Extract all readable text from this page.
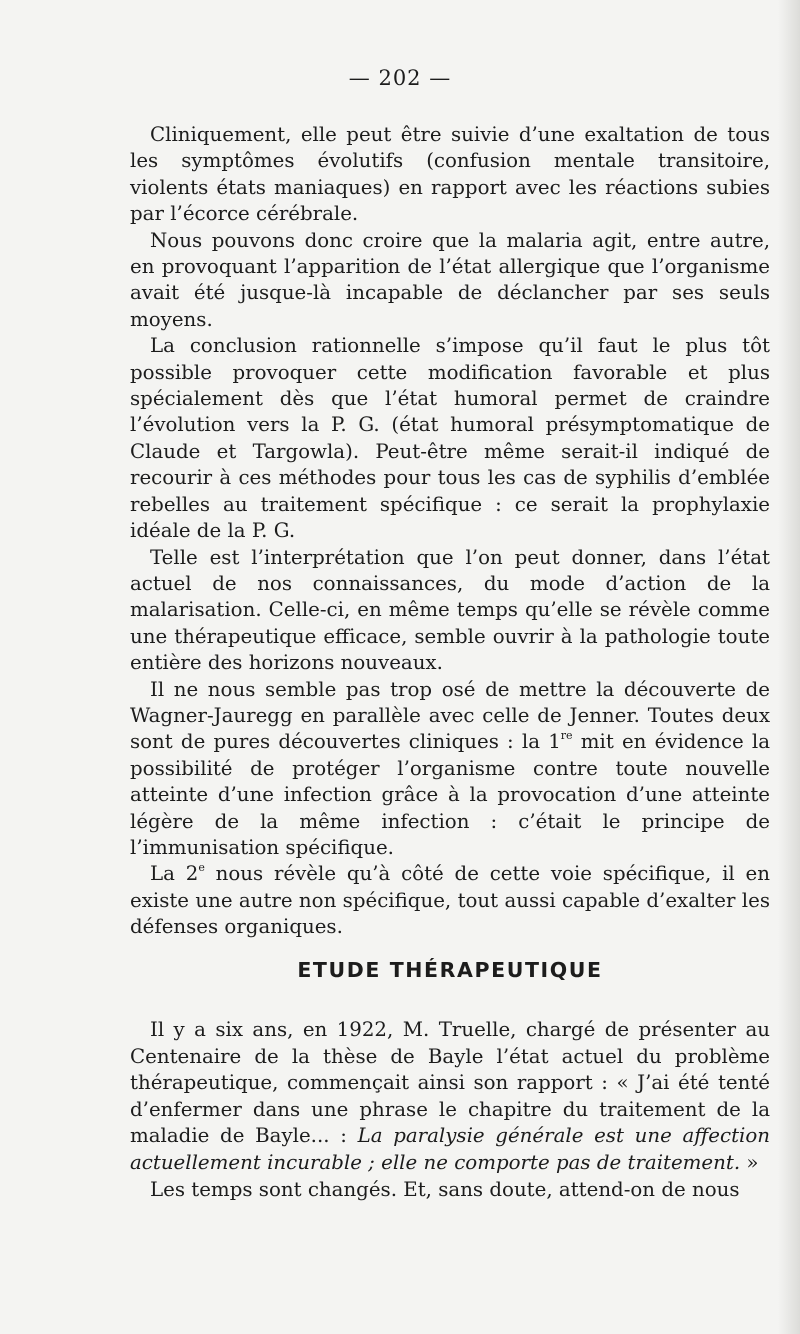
— 202 —

Cliniquement, elle peut être suivie d’une exaltation de tous les symptômes évolutifs (confusion mentale transitoire, violents états maniaques) en rapport avec les réactions subies par l’écorce cérébrale.

Nous pouvons donc croire que la malaria agit, entre autre, en provoquant l’apparition de l’état allergique que l’organisme avait été jusque-là incapable de déclancher par ses seuls moyens.

La conclusion rationnelle s’impose qu’il faut le plus tôt possible provoquer cette modification favorable et plus spécialement dès que l’état humoral permet de craindre l’évolution vers la P. G. (état humoral présymptomatique de Claude et Targowla). Peut-être même serait-il indiqué de recourir à ces méthodes pour tous les cas de syphilis d’emblée rebelles au traitement spécifique : ce serait la prophylaxie idéale de la P. G.

Telle est l’interprétation que l’on peut donner, dans l’état actuel de nos connaissances, du mode d’action de la malarisation. Celle-ci, en même temps qu’elle se révèle comme une thérapeutique efficace, semble ouvrir à la pathologie toute entière des horizons nouveaux.

Il ne nous semble pas trop osé de mettre la découverte de Wagner-Jauregg en parallèle avec celle de Jenner. Toutes deux sont de pures découvertes cliniques : la 1re mit en évidence la possibilité de protéger l’organisme contre toute nouvelle atteinte d’une infection grâce à la provocation d’une atteinte légère de la même infection : c’était le principe de l’immunisation spécifique.

La 2e nous révèle qu’à côté de cette voie spécifique, il en existe une autre non spécifique, tout aussi capable d’exalter les défenses organiques.

ETUDE THÉRAPEUTIQUE

Il y a six ans, en 1922, M. Truelle, chargé de présenter au Centenaire de la thèse de Bayle l’état actuel du problème thérapeutique, commençait ainsi son rapport : « J’ai été tenté d’enfermer dans une phrase le chapitre du traitement de la maladie de Bayle... : La paralysie générale est une affection actuellement incurable ; elle ne comporte pas de traitement. »

Les temps sont changés. Et, sans doute, attend-on de nous
